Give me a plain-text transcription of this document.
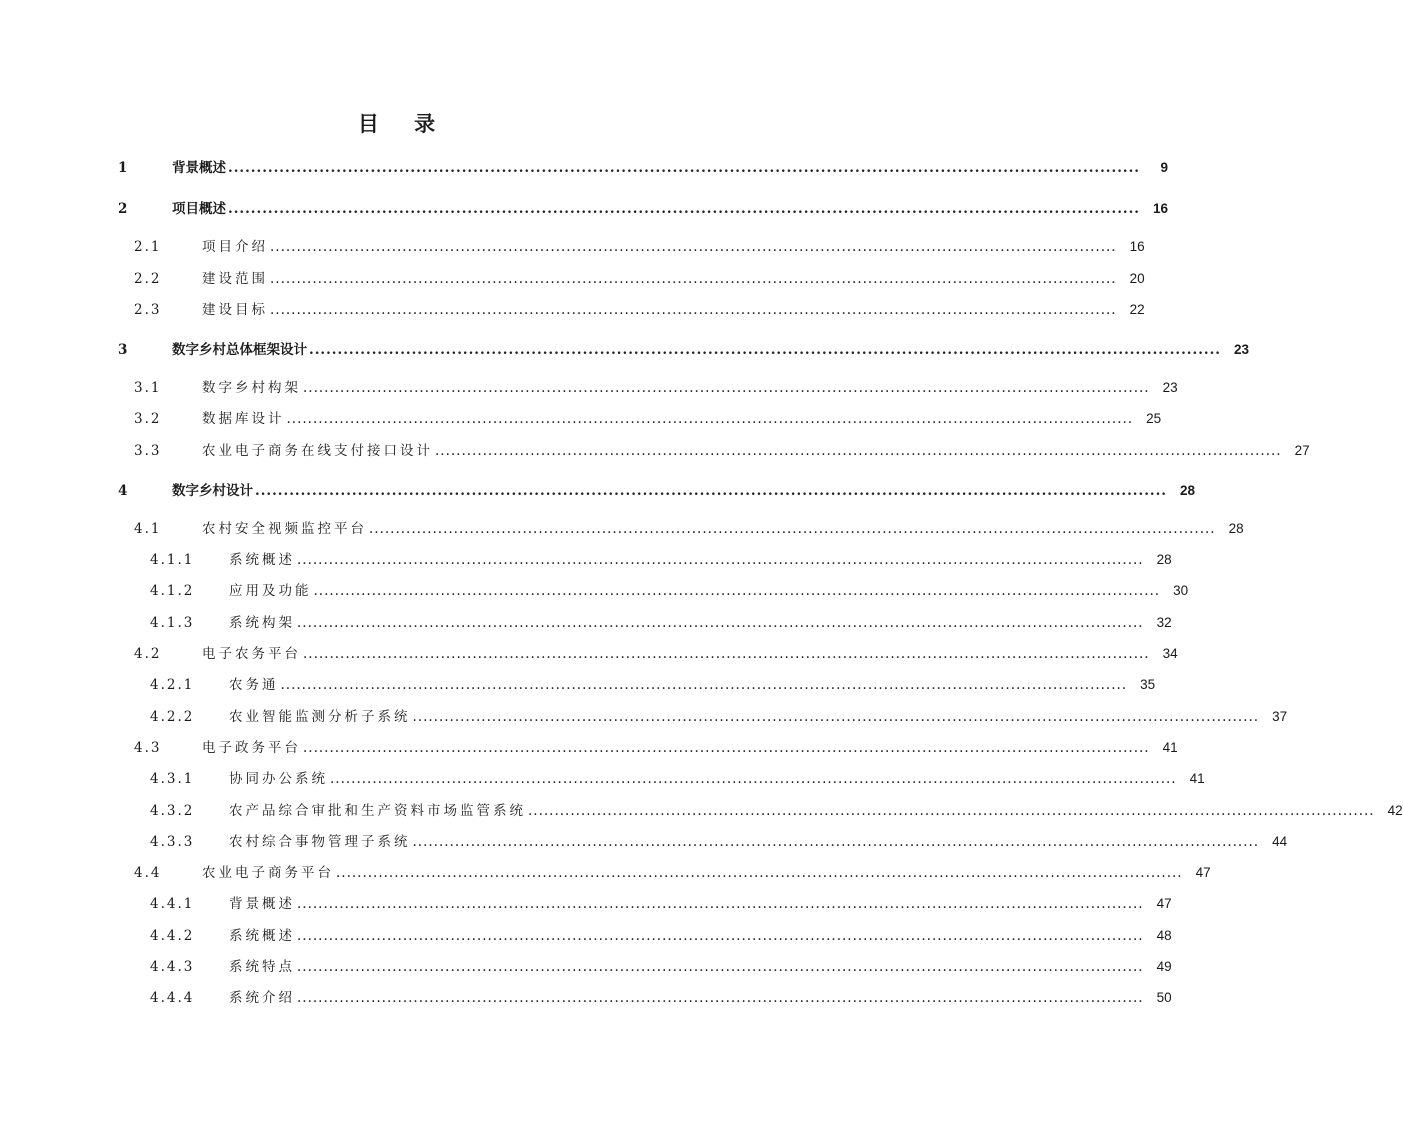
目 录
1	背景概述 ................................................................................................................................................................	9
2	项目概述 ................................................................................................................................................................ 16
2.1	项目介绍 ................................................................................................................................................................ 16
2.2	建设范围 ................................................................................................................................................................ 20
2.3	建设目标 ................................................................................................................................................................ 22
3	数字乡村总体框架设计 ................................................................................................................................................................ 23
3.1	数字乡村构架 ................................................................................................................................................................ 23
3.2	数据库设计 ................................................................................................................................................................ 25
3.3	农业电子商务在线支付接口设计 ................................................................................................................................................................ 27
4	数字乡村设计 ................................................................................................................................................................ 28
4.1	农村安全视频监控平台 ................................................................................................................................................................ 28
4.1.1	系统概述 ................................................................................................................................................................ 28
4.1.2	应用及功能 ................................................................................................................................................................ 30
4.1.3	系统构架 ................................................................................................................................................................ 32
4.2	电子农务平台 ................................................................................................................................................................ 34
4.2.1	农务通 ................................................................................................................................................................ 35
4.2.2	农业智能监测分析子系统 ................................................................................................................................................................ 37
4.3	电子政务平台 ................................................................................................................................................................ 41
4.3.1	协同办公系统 ................................................................................................................................................................ 41
4.3.2	农产品综合审批和生产资料市场监管系统 ................................................................................................................................................................ 42
4.3.3	农村综合事物管理子系统 ................................................................................................................................................................ 44
4.4	农业电子商务平台 ................................................................................................................................................................ 47
4.4.1	背景概述 ................................................................................................................................................................ 47
4.4.2	系统概述 ................................................................................................................................................................ 48
4.4.3	系统特点 ................................................................................................................................................................ 49
4.4.4	系统介绍 ................................................................................................................................................................ 50
